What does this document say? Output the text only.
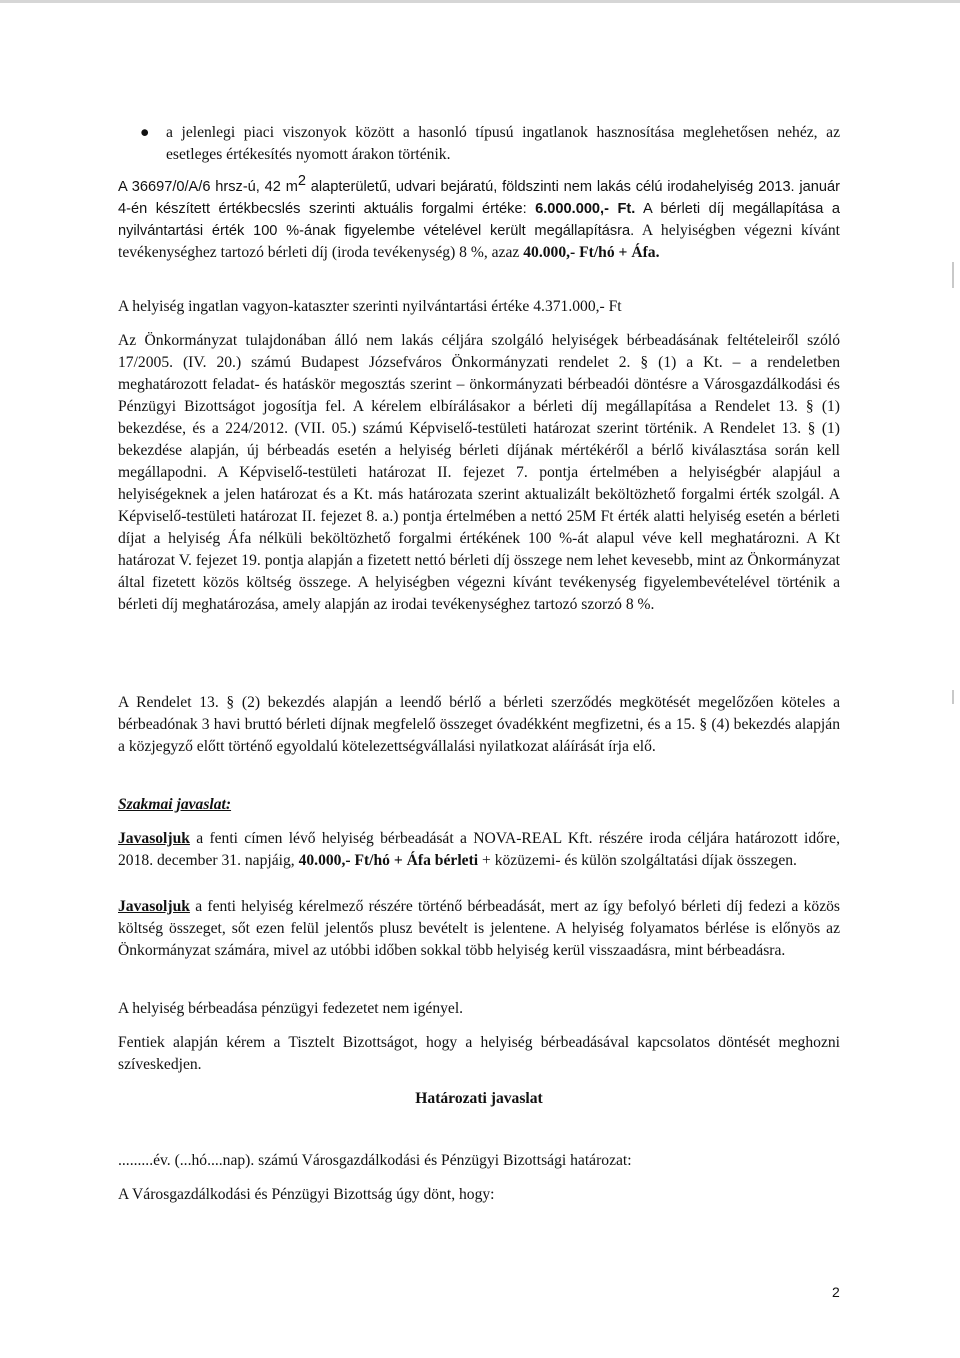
● a jelenlegi piaci viszonyok között a hasonló típusú ingatlanok hasznosítása meglehetősen nehéz, az esetleges értékesítés nyomott árakon történik.
A 36697/0/A/6 hrsz-ú, 42 $m^2$ alapterületű, udvari bejáratú, földszinti nem lakás célú irodahelyiség 2013. január 4-én készített értékbecslés szerinti aktuális forgalmi értéke: 6.000.000,- Ft. A bérleti díj megállapítása a nyilvántartási érték 100 %-ának figyelembe vételével került megállapításra. A helyiségben végezni kívánt tevékenységhez tartozó bérleti díj (iroda tevékenység) 8 %, azaz 40.000,- Ft/hó + Áfa.
A helyiség ingatlan vagyon-kataszter szerinti nyilvántartási értéke 4.371.000,- Ft
Az Önkormányzat tulajdonában álló nem lakás céljára szolgáló helyiségek bérbeadásának feltételeiről szóló 17/2005. (IV. 20.) számú Budapest Józsefváros Önkormányzati rendelet 2. § (1) a Kt. – a rendeletben meghatározott feladat- és hatáskör megosztás szerint – önkormányzati bérbeadói döntésre a Városgazdálkodási és Pénzügyi Bizottságot jogosítja fel. A kérelem elbírálásakor a bérleti díj megállapítása a Rendelet 13. § (1) bekezdése, és a 224/2012. (VII. 05.) számú Képviselő-testületi határozat szerint történik. A Rendelet 13. § (1) bekezdése alapján, új bérbeadás esetén a helyiség bérleti díjának mértékéről a bérlő kiválasztása során kell megállapodni. A Képviselő-testületi határozat II. fejezet 7. pontja értelmében a helyiségbér alapjául a helyiségeknek a jelen határozat és a Kt. más határozata szerint aktualizált beköltözhető forgalmi érték szolgál. A Képviselő-testületi határozat II. fejezet 8. a.) pontja értelmében a nettó 25M Ft érték alatti helyiség esetén a bérleti díjat a helyiség Áfa nélküli beköltözhető forgalmi értékének 100 %-át alapul véve kell meghatározni. A Kt határozat V. fejezet 19. pontja alapján a fizetett nettó bérleti díj összege nem lehet kevesebb, mint az Önkormányzat által fizetett közös költség összege. A helyiségben végezni kívánt tevékenység figyelembevételével történik a bérleti díj meghatározása, amely alapján az irodai tevékenységhez tartozó szorzó 8 %.
A Rendelet 13. § (2) bekezdés alapján a leendő bérlő a bérleti szerződés megkötését megelőzően köteles a bérbeadónak 3 havi bruttó bérleti díjnak megfelelő összeget óvadékként megfizetni, és a 15. § (4) bekezdés alapján a közjegyző előtt történő egyoldalú kötelezettségvállalási nyilatkozat aláírását írja elő.
Szakmai javaslat:
Javasoljuk a fenti címen lévő helyiség bérbeadását a NOVA-REAL Kft. részére iroda céljára határozott időre, 2018. december 31. napjáig, 40.000,- Ft/hó + Áfa bérleti + közüzemi- és külön szolgáltatási díjak összegen.
Javasoljuk a fenti helyiség kérelmező részére történő bérbeadását, mert az így befolyó bérleti díj fedezi a közös költség összeget, sőt ezen felül jelentős plusz bevételt is jelentene. A helyiség folyamatos bérlése is előnyös az Önkormányzat számára, mivel az utóbbi időben sokkal több helyiség kerül visszaadásra, mint bérbeadásra.
A helyiség bérbeadása pénzügyi fedezetet nem igényel.
Fentiek alapján kérem a Tisztelt Bizottságot, hogy a helyiség bérbeadásával kapcsolatos döntését meghozni szíveskedjen.
Határozati javaslat
.........év. (...hó....nap). számú Városgazdálkodási és Pénzügyi Bizottsági határozat:
A Városgazdálkodási és Pénzügyi Bizottság úgy dönt, hogy:
2
